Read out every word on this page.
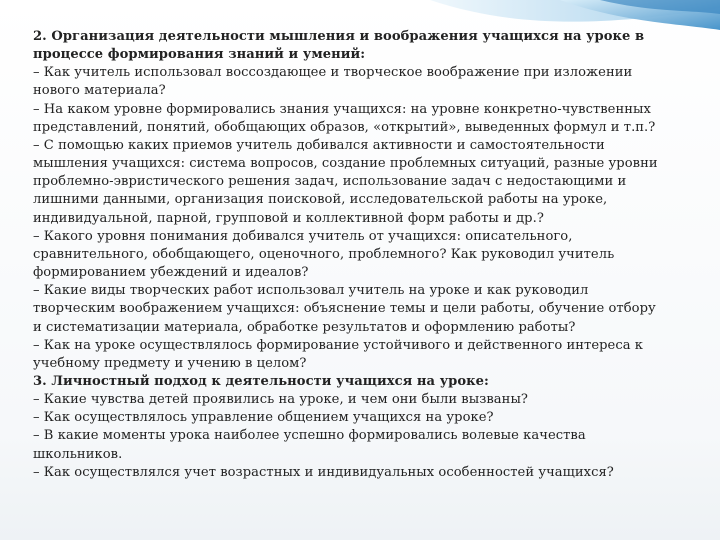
2. Организация деятельности мышления и воображения учащихся на уроке в
процессе формирования знаний и умений:
– Как учитель использовал воссоздающее и творческое воображение при изложении
нового материала?
– На каком уровне формировались знания учащихся: на уровне конкретно-чувственных
представлений, понятий, обобщающих образов, «открытий», выведенных формул и т.п.?
– С помощью каких приемов учитель добивался активности и самостоятельности
мышления учащихся: система вопросов, создание проблемных ситуаций, разные уровни
проблемно-эвристического решения задач, использование задач с недостающими и
лишними данными, организация поисковой, исследовательской работы на уроке,
индивидуальной, парной, групповой и коллективной форм работы и др.?
– Какого уровня понимания добивался учитель от учащихся: описательного,
сравнительного, обобщающего, оценочного, проблемного? Как руководил учитель
формированием убеждений и идеалов?
– Какие виды творческих работ использовал учитель на уроке и как руководил
творческим воображением учащихся: объяснение темы и цели работы, обучение отбору
и систематизации материала, обработке результатов и оформлению работы?
– Как на уроке осуществлялось формирование устойчивого и действенного интереса к
учебному предмету и учению в целом?
3. Личностный подход к деятельности учащихся на уроке:
– Какие чувства детей проявились на уроке, и чем они были вызваны?
– Как осуществлялось управление общением учащихся на уроке?
– В какие моменты урока наиболее успешно формировались волевые качества
школьников.
– Как осуществлялся учет возрастных и индивидуальных особенностей учащихся?
